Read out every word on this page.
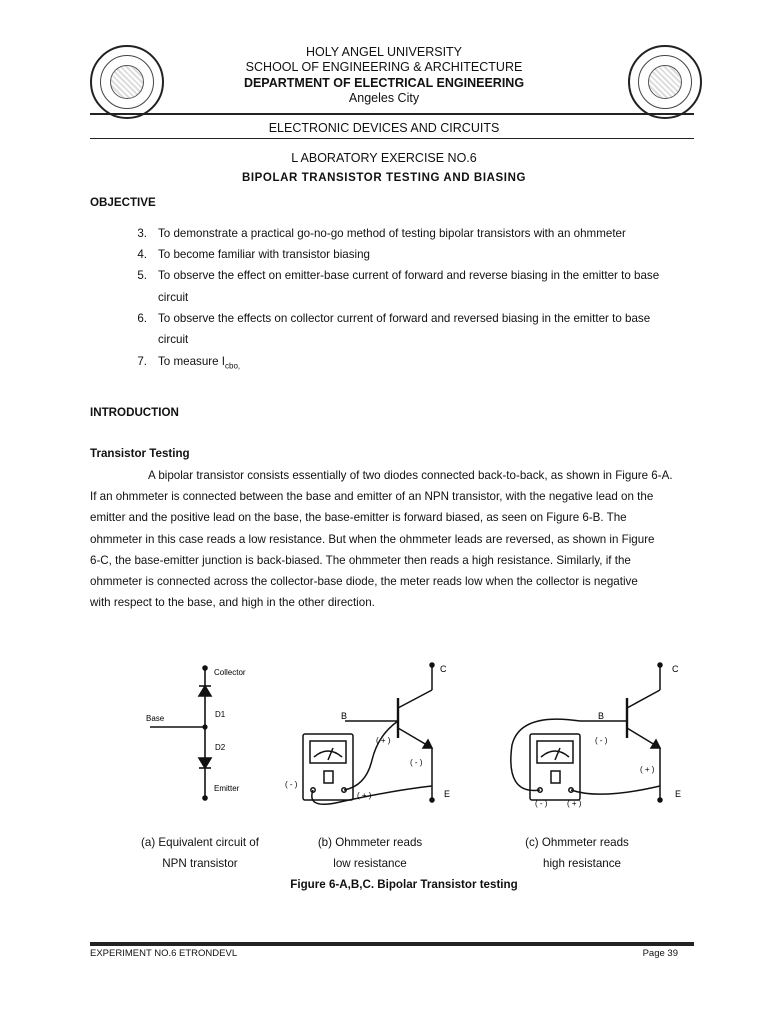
HOLY ANGEL UNIVERSITY
SCHOOL OF ENGINEERING & ARCHITECTURE
DEPARTMENT OF ELECTRICAL ENGINEERING
Angeles City
ELECTRONIC DEVICES AND CIRCUITS
L ABORATORY EXERCISE NO.6
BIPOLAR TRANSISTOR TESTING AND BIASING
OBJECTIVE
3. To demonstrate a practical go-no-go method of testing bipolar transistors with an ohmmeter
4. To become familiar with transistor biasing
5. To observe the effect on emitter-base current of forward and reverse biasing in the emitter to base
circuit
6. To observe the effects on collector current of forward and reversed biasing in the emitter to base
circuit
7. To measure $I_{cbo,}$
INTRODUCTION
Transistor Testing
A bipolar transistor consists essentially of two diodes connected back-to-back, as shown in Figure 6-A.
If an ohmmeter is connected between the base and emitter of an NPN transistor, with the negative lead on the
emitter and the positive lead on the base, the base-emitter is forward biased, as seen on Figure 6-B. The
ohmmeter in this case reads a low resistance. But when the ohmmeter leads are reversed, as shown in Figure
6-C, the base-emitter junction is back-biased. The ohmmeter then reads a high resistance. Similarly, if the
ohmmeter is connected across the collector-base diode, the meter reads low when the collector is negative
with respect to the base, and high in the other direction.
Collector
Base	D1
D2
Emitter
C
B
E
( + )
( - )
( - )
( + )
C
B
E
( - )
( + )
( - ) ( + )
(a) Equivalent circuit of
NPN transistor
(b) Ohmmeter reads
low resistance
(c) Ohmmeter reads
high resistance
Figure 6-A,B,C. Bipolar Transistor testing
EXPERIMENT NO.6 ETRONDEVL	Page 39
